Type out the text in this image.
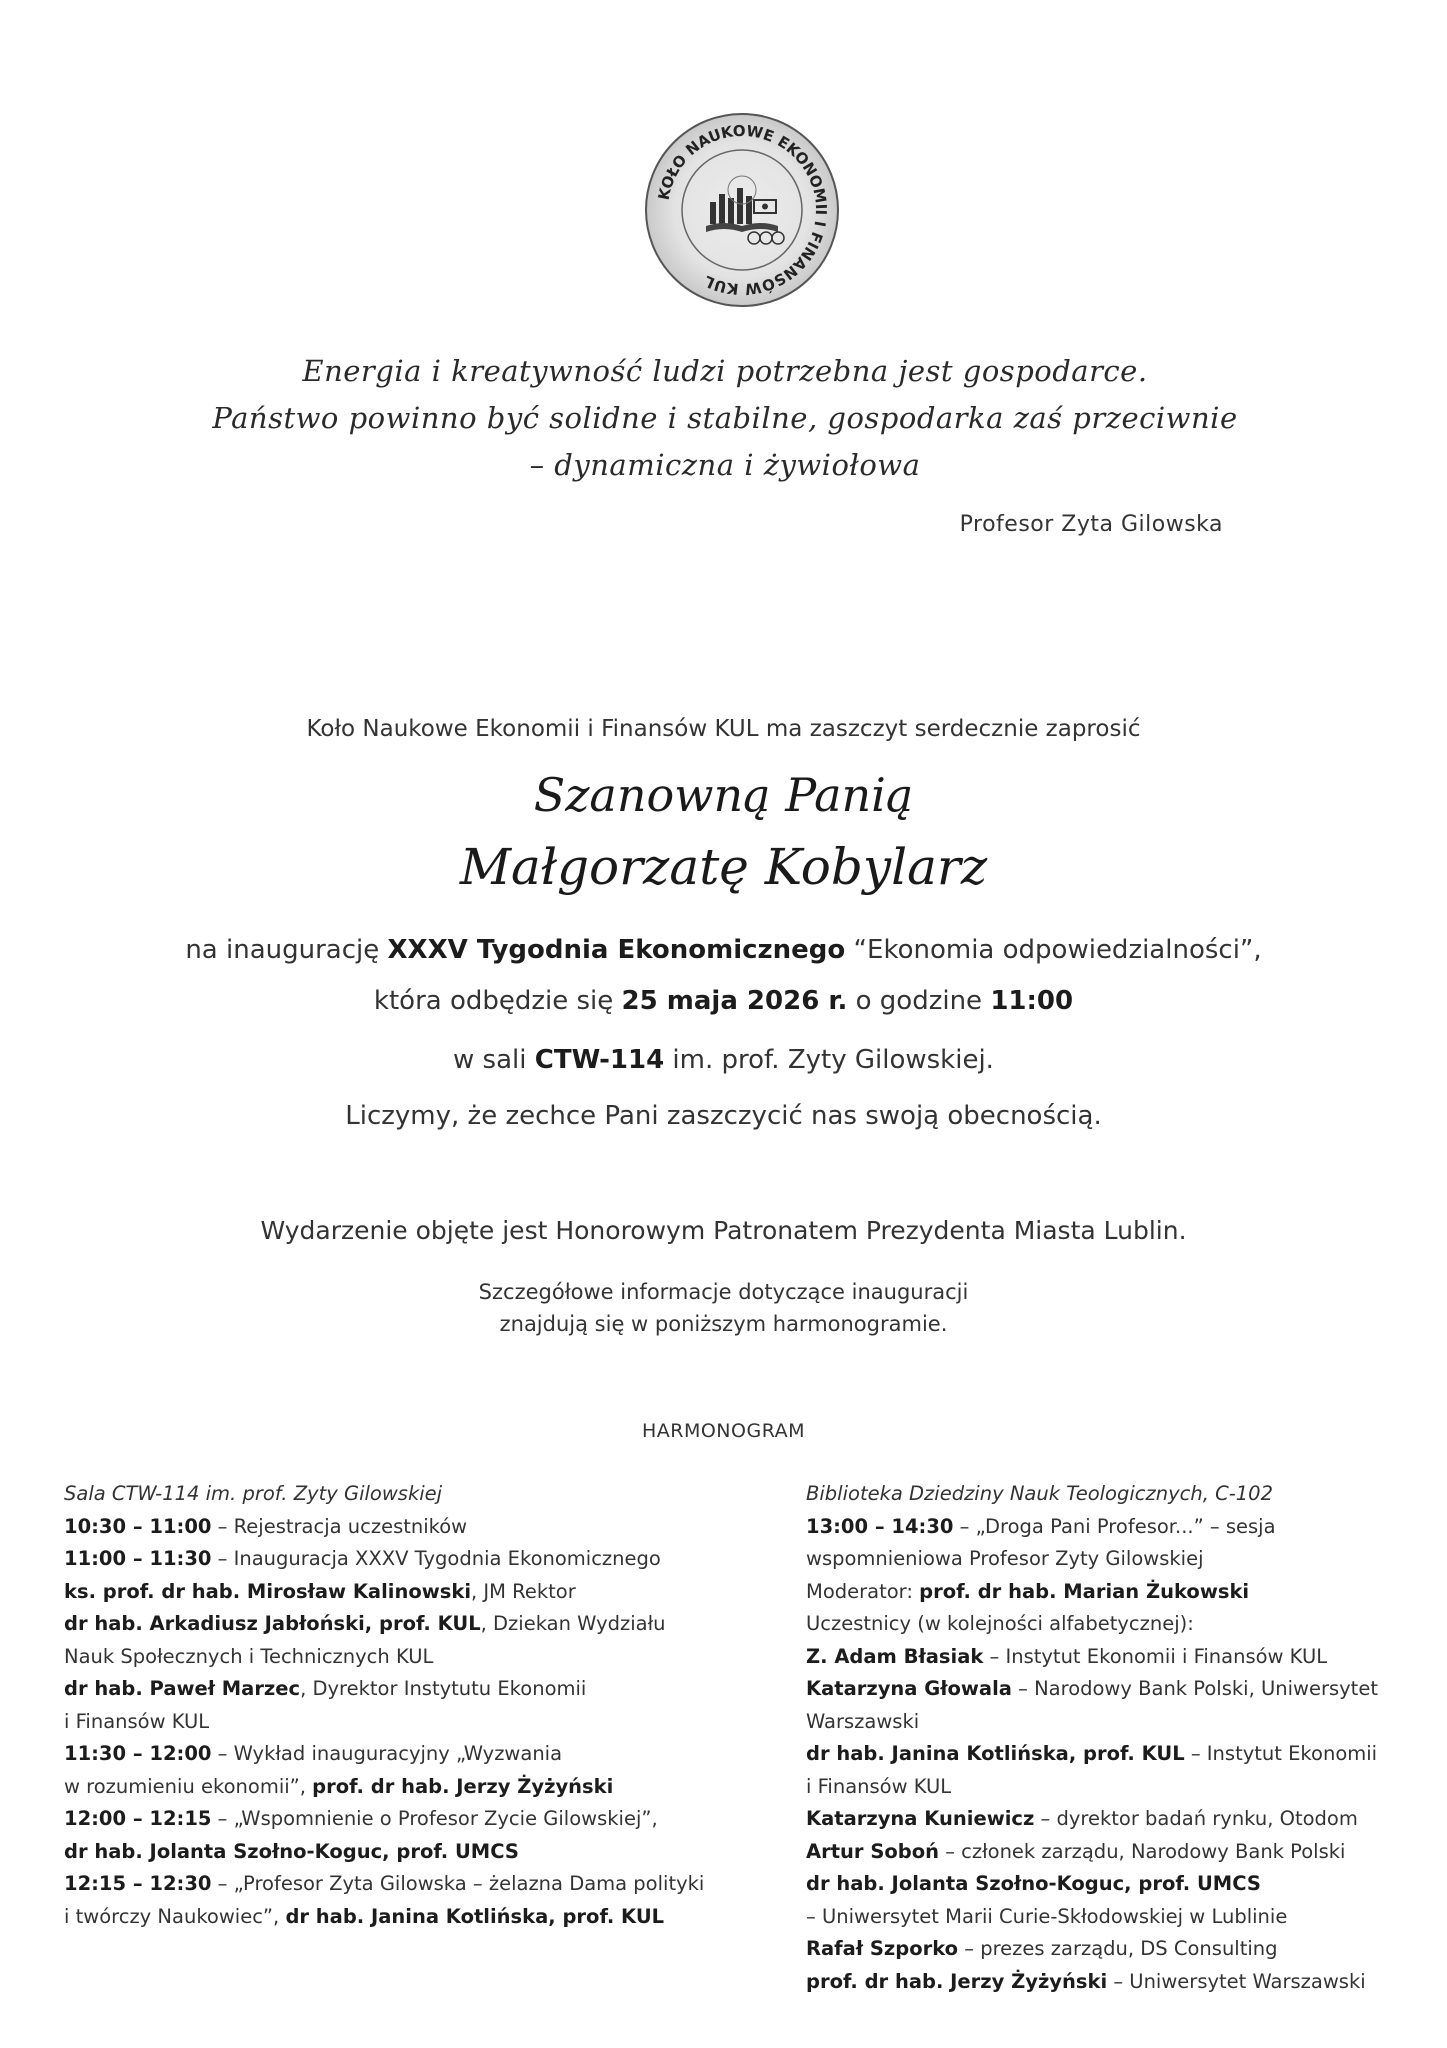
KOŁO NAUKOWE EKONOMII I FINANSÓW KUL
Energia i kreatywność ludzi potrzebna jest gospodarce.
Państwo powinno być solidne i stabilne, gospodarka zaś przeciwnie
– dynamiczna i żywiołowa
Profesor Zyta Gilowska
Koło Naukowe Ekonomii i Finansów KUL ma zaszczyt serdecznie zaprosić
Szanowną Panią
Małgorzatę Kobylarz
na inaugurację XXXV Tygodnia Ekonomicznego “Ekonomia odpowiedzialności”,
która odbędzie się 25 maja 2026 r. o godzine 11:00
w sali CTW-114 im. prof. Zyty Gilowskiej.
Liczymy, że zechce Pani zaszczycić nas swoją obecnością.
Wydarzenie objęte jest Honorowym Patronatem Prezydenta Miasta Lublin.
Szczegółowe informacje dotyczące inauguracji
znajdują się w poniższym harmonogramie.
HARMONOGRAM
Sala CTW-114 im. prof. Zyty Gilowskiej
10:30 – 11:00 – Rejestracja uczestników
11:00 – 11:30 – Inauguracja XXXV Tygodnia Ekonomicznego
ks. prof. dr hab. Mirosław Kalinowski, JM Rektor
dr hab. Arkadiusz Jabłoński, prof. KUL, Dziekan Wydziału
Nauk Społecznych i Technicznych KUL
dr hab. Paweł Marzec, Dyrektor Instytutu Ekonomii
i Finansów KUL
11:30 – 12:00 – Wykład inauguracyjny „Wyzwania
w rozumieniu ekonomii”, prof. dr hab. Jerzy Żyżyński
12:00 – 12:15 – „Wspomnienie o Profesor Zycie Gilowskiej”,
dr hab. Jolanta Szołno-Koguc, prof. UMCS
12:15 – 12:30 – „Profesor Zyta Gilowska – żelazna Dama polityki
i twórczy Naukowiec”, dr hab. Janina Kotlińska, prof. KUL
Biblioteka Dziedziny Nauk Teologicznych, C-102
13:00 – 14:30 – „Droga Pani Profesor...” – sesja
wspomnieniowa Profesor Zyty Gilowskiej
Moderator: prof. dr hab. Marian Żukowski
Uczestnicy (w kolejności alfabetycznej):
Z. Adam Błasiak – Instytut Ekonomii i Finansów KUL
Katarzyna Głowala – Narodowy Bank Polski, Uniwersytet
Warszawski
dr hab. Janina Kotlińska, prof. KUL – Instytut Ekonomii
i Finansów KUL
Katarzyna Kuniewicz – dyrektor badań rynku, Otodom
Artur Soboń – członek zarządu, Narodowy Bank Polski
dr hab. Jolanta Szołno-Koguc, prof. UMCS
– Uniwersytet Marii Curie-Skłodowskiej w Lublinie
Rafał Szporko – prezes zarządu, DS Consulting
prof. dr hab. Jerzy Żyżyński – Uniwersytet Warszawski
